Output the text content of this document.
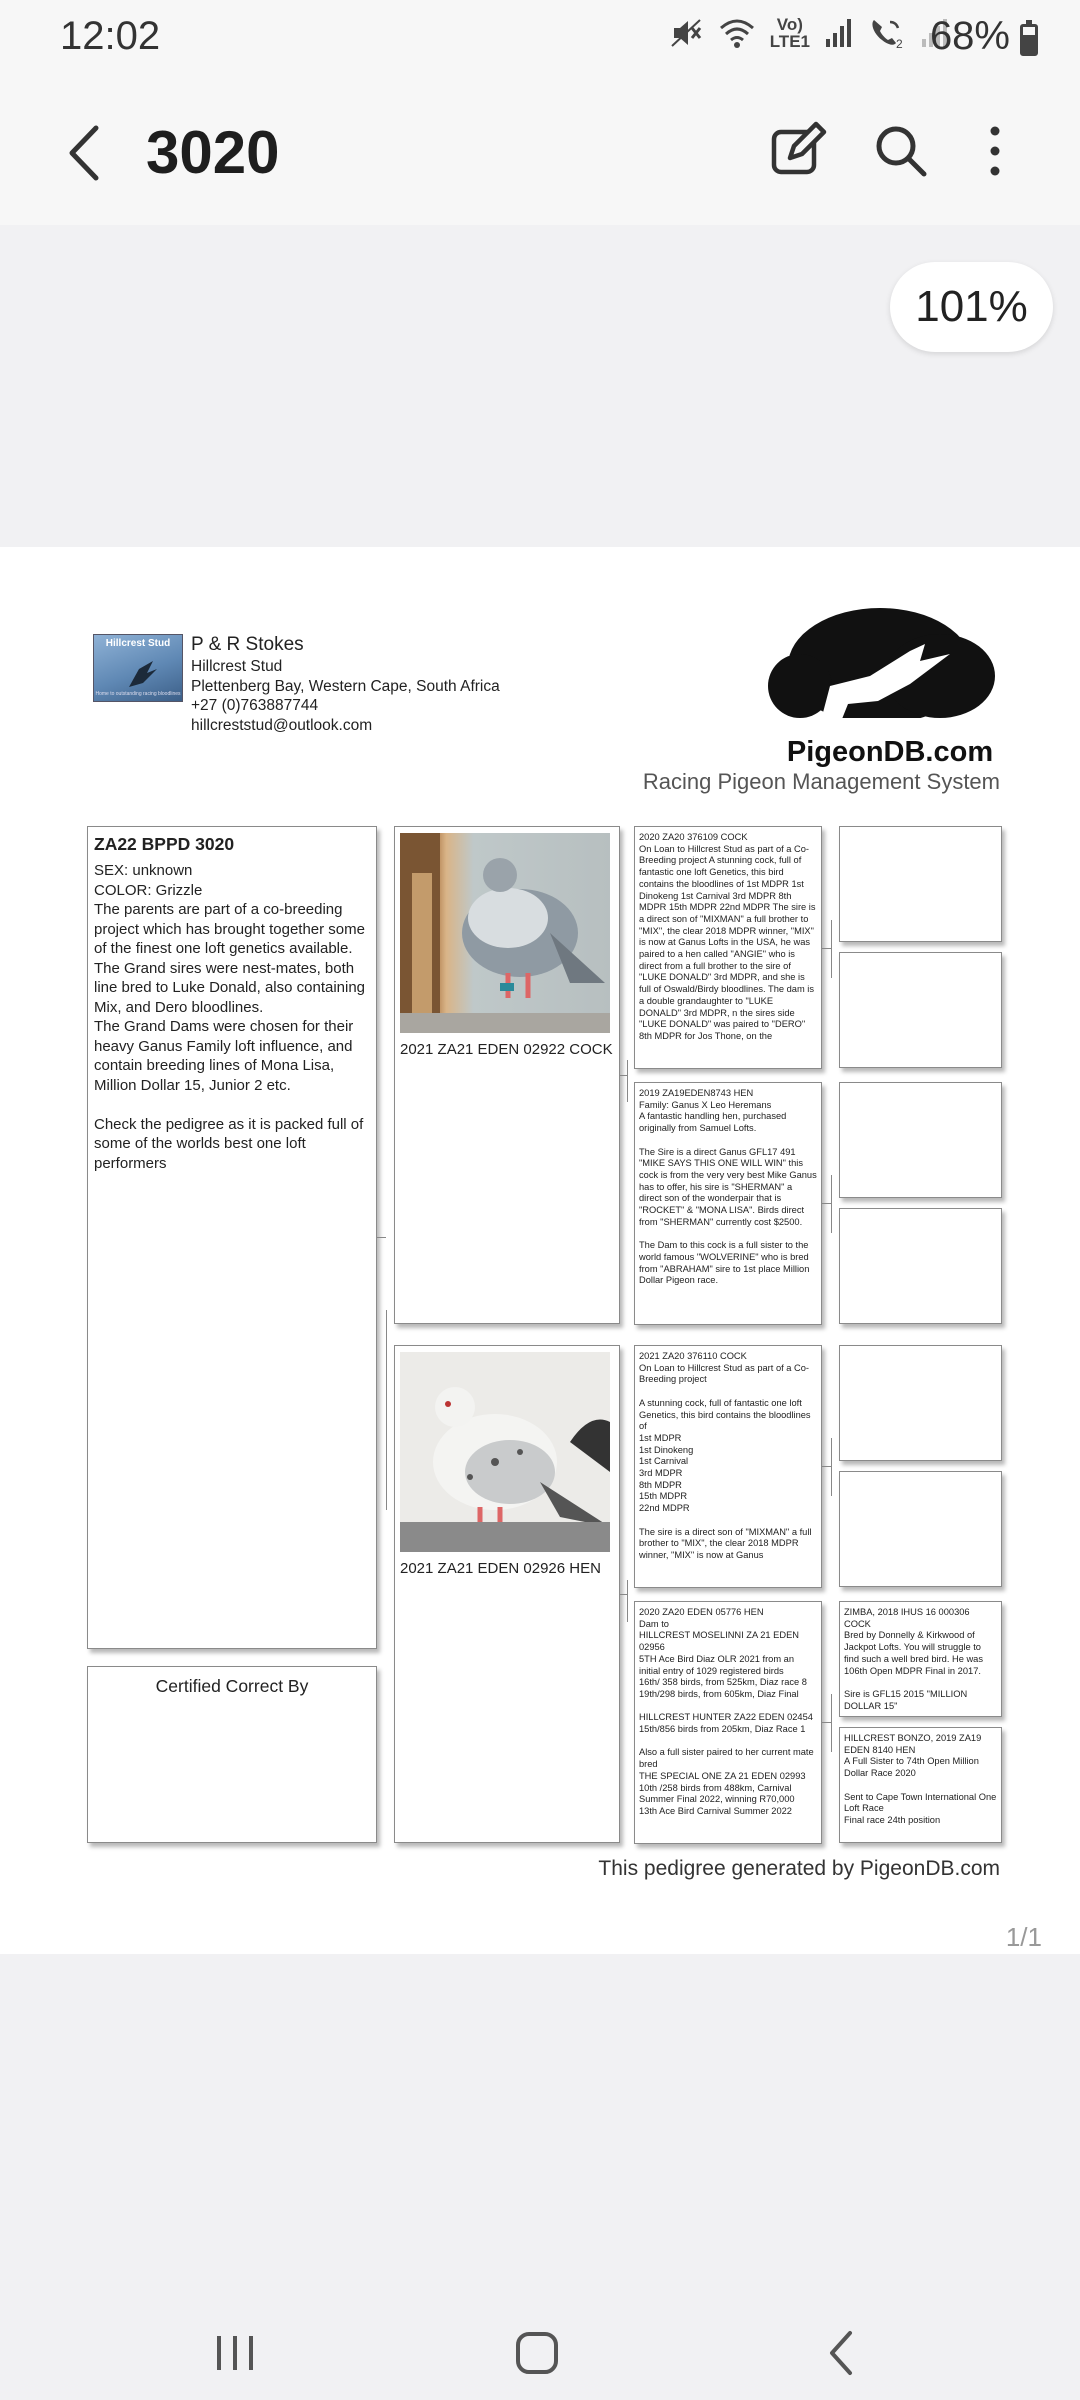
12:02	Vo)
LTE1	2 68%
3020
101%
Hillcrest Stud
Home to outstanding racing bloodlines
P & R Stokes
Hillcrest Stud
Plettenberg Bay, Western Cape, South Africa
+27 (0)763887744
hillcreststud@outlook.com
PigeonDB.com
Racing Pigeon Management System
ZA22 BPPD 3020
SEX: unknown
COLOR: Grizzle
The parents are part of a co-breeding project which has brought together some of the finest one loft genetics available. The Grand sires were nest-mates, both line bred to Luke Donald, also containing Mix, and Dero bloodlines.
The Grand Dams were chosen for their heavy Ganus Family loft influence, and contain breeding lines of Mona Lisa, Million Dollar 15, Junior 2 etc.

Check the pedigree as it is packed full of some of the worlds best one loft performers
Certified Correct By
2021 ZA21 EDEN 02922 COCK
2021 ZA21 EDEN 02926 HEN
2020 ZA20 376109 COCK
On Loan to Hillcrest Stud as part of a Co-Breeding project A stunning cock, full of fantastic one loft Genetics, this bird contains the bloodlines of 1st MDPR 1st Dinokeng 1st Carnival 3rd MDPR 8th MDPR 15th MDPR 22nd MDPR The sire is a direct son of "MIXMAN" a full brother to "MIX", the clear 2018 MDPR winner, "MIX" is now at Ganus Lofts in the USA, he was paired to a hen called "ANGIE" who is direct from a full brother to the sire of "LUKE DONALD" 3rd MDPR, and she is full of Oswald/Birdy bloodlines. The dam is a double grandaughter to "LUKE DONALD" 3rd MDPR, n the sires side "LUKE DONALD" was paired to "DERO" 8th MDPR for Jos Thone, on the
2019 ZA19EDEN8743 HEN
Family: Ganus X Leo Heremans
A fantastic handling hen, purchased originally from Samuel Lofts.

The Sire is a direct Ganus GFL17 491 "MIKE SAYS THIS ONE WILL WIN" this cock is from the very very best Mike Ganus has to offer, his sire is "SHERMAN" a direct son of the wonderpair that is "ROCKET" & "MONA LISA". Birds direct from "SHERMAN" currently cost $2500.

The Dam to this cock is a full sister to the world famous "WOLVERINE" who is bred from "ABRAHAM" sire to 1st place Million Dollar Pigeon race.
2021 ZA20 376110 COCK
On Loan to Hillcrest Stud as part of a Co-Breeding project

A stunning cock, full of fantastic one loft Genetics, this bird contains the bloodlines of
1st MDPR
1st Dinokeng
1st Carnival
3rd MDPR
8th MDPR
15th MDPR
22nd MDPR

The sire is a direct son of "MIXMAN" a full brother to "MIX", the clear 2018 MDPR winner, "MIX" is now at Ganus
2020 ZA20 EDEN 05776 HEN
Dam to
HILLCREST MOSELINNI ZA 21 EDEN 02956
5TH Ace Bird Diaz OLR 2021 from an initial entry of 1029 registered birds
16th/ 358 birds, from 525km, Diaz race 8
19th/298 birds, from 605km, Diaz Final

HILLCREST HUNTER ZA22 EDEN 02454
15th/856 birds from 205km, Diaz Race 1

Also a full sister paired to her current mate bred
THE SPECIAL ONE ZA 21 EDEN 02993
10th /258 birds from 488km, Carnival Summer Final 2022, winning R70,000
13th Ace Bird Carnival Summer 2022
ZIMBA, 2018 IHUS 16 000306 COCK
Bred by Donnelly & Kirkwood of Jackpot Lofts. You will struggle to find such a well bred bird. He was 106th Open MDPR Final in 2017.

Sire is GFL15 2015 "MILLION DOLLAR 15"
HILLCREST BONZO, 2019 ZA19 EDEN 8140 HEN
A Full Sister to 74th Open Million Dollar Race 2020

Sent to Cape Town International One Loft Race
Final race 24th position
This pedigree generated by PigeonDB.com
1/1
